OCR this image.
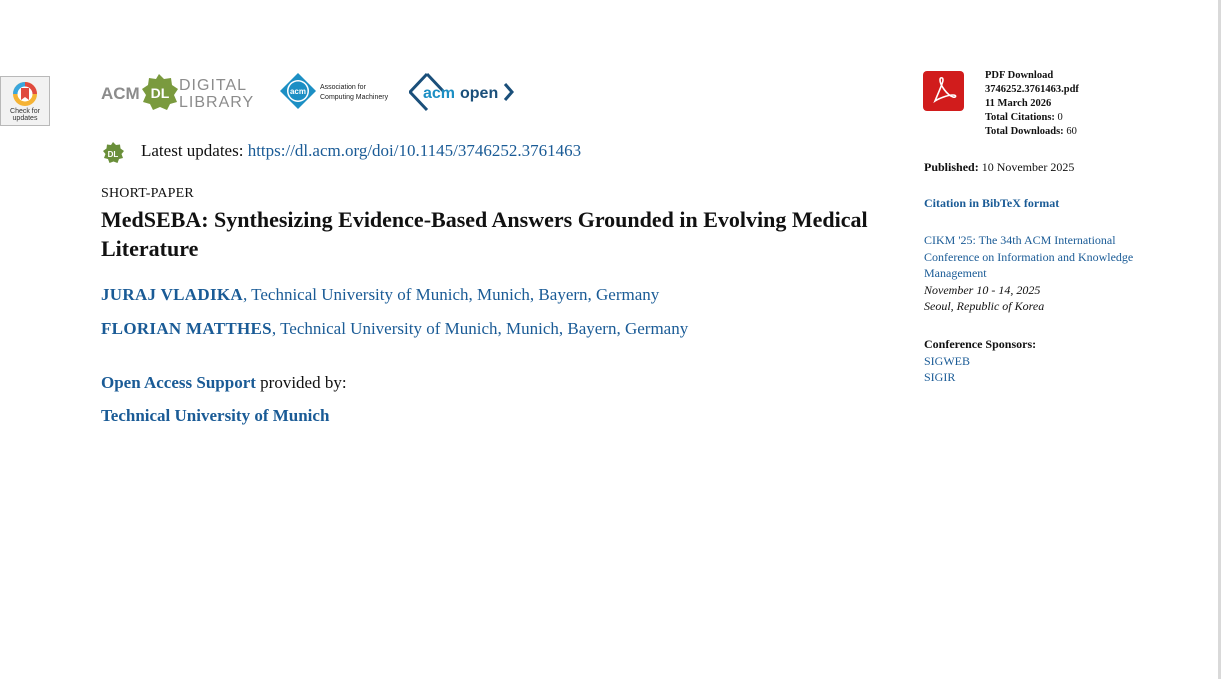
Check for
updates
ACM DL DIGITAL
LIBRARY
acm Association for
Computing Machinery acm open
DL Latest updates: https://dl.acm.org/doi/10.1145/3746252.3761463
SHORT-PAPER
MedSEBA: Synthesizing Evidence-Based Answers Grounded in Evolving Medical Literature
JURAJ VLADIKA, Technical University of Munich, Munich, Bayern, Germany
FLORIAN MATTHES, Technical University of Munich, Munich, Bayern, Germany
Open Access Support provided by:
Technical University of Munich
PDF Download
3746252.3761463.pdf
11 March 2026
Total Citations: 0
Total Downloads: 60
Published: 10 November 2025
Citation in BibTeX format
CIKM '25: The 34th ACM International Conference on Information and Knowledge Management
November 10 - 14, 2025
Seoul, Republic of Korea
Conference Sponsors:
SIGWEB
SIGIR
